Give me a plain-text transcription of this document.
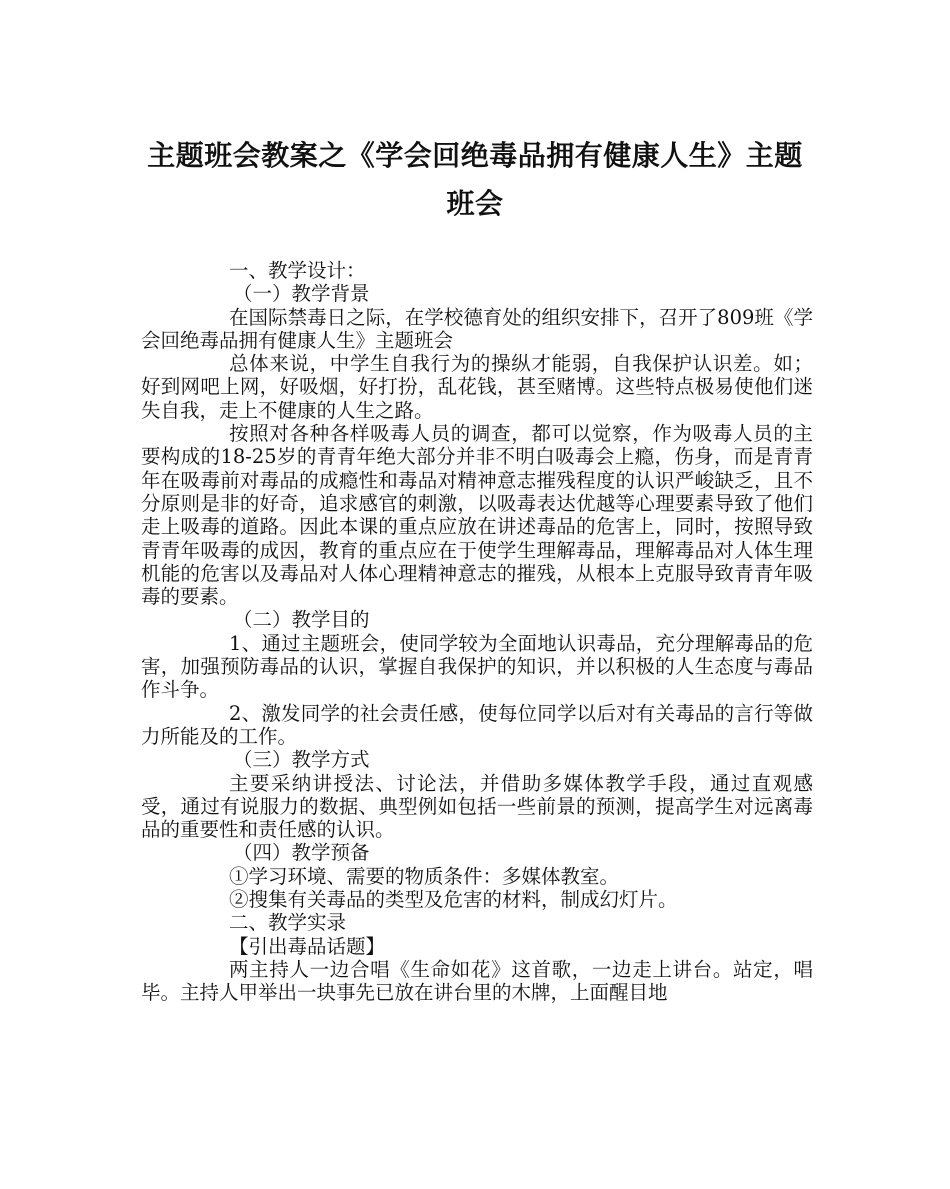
主题班会教案之《学会回绝毒品拥有健康人生》主题班会

一、教学设计：

（一）教学背景

在国际禁毒日之际，在学校德育处的组织安排下，召开了809班《学会回绝毒品拥有健康人生》主题班会

总体来说，中学生自我行为的操纵才能弱，自我保护认识差。如；好到网吧上网，好吸烟，好打扮，乱花钱，甚至赌博。这些特点极易使他们迷失自我，走上不健康的人生之路。

按照对各种各样吸毒人员的调查，都可以觉察，作为吸毒人员的主要构成的18-25岁的青青年绝大部分并非不明白吸毒会上瘾，伤身，而是青青年在吸毒前对毒品的成瘾性和毒品对精神意志摧残程度的认识严峻缺乏，且不分原则是非的好奇，追求感官的刺激，以吸毒表达优越等心理要素导致了他们走上吸毒的道路。因此本课的重点应放在讲述毒品的危害上，同时，按照导致青青年吸毒的成因，教育的重点应在于使学生理解毒品，理解毒品对人体生理机能的危害以及毒品对人体心理精神意志的摧残，从根本上克服导致青青年吸毒的要素。

（二）教学目的

1、通过主题班会，使同学较为全面地认识毒品，充分理解毒品的危害，加强预防毒品的认识，掌握自我保护的知识，并以积极的人生态度与毒品作斗争。

2、激发同学的社会责任感，使每位同学以后对有关毒品的言行等做力所能及的工作。

（三）教学方式

主要采纳讲授法、讨论法，并借助多媒体教学手段，通过直观感受，通过有说服力的数据、典型例如包括一些前景的预测，提高学生对远离毒品的重要性和责任感的认识。

（四）教学预备

①学习环境、需要的物质条件：多媒体教室。

②搜集有关毒品的类型及危害的材料，制成幻灯片。

二、教学实录

【引出毒品话题】

两主持人一边合唱《生命如花》这首歌，一边走上讲台。站定，唱毕。主持人甲举出一块事先已放在讲台里的木牌，上面醒目地
